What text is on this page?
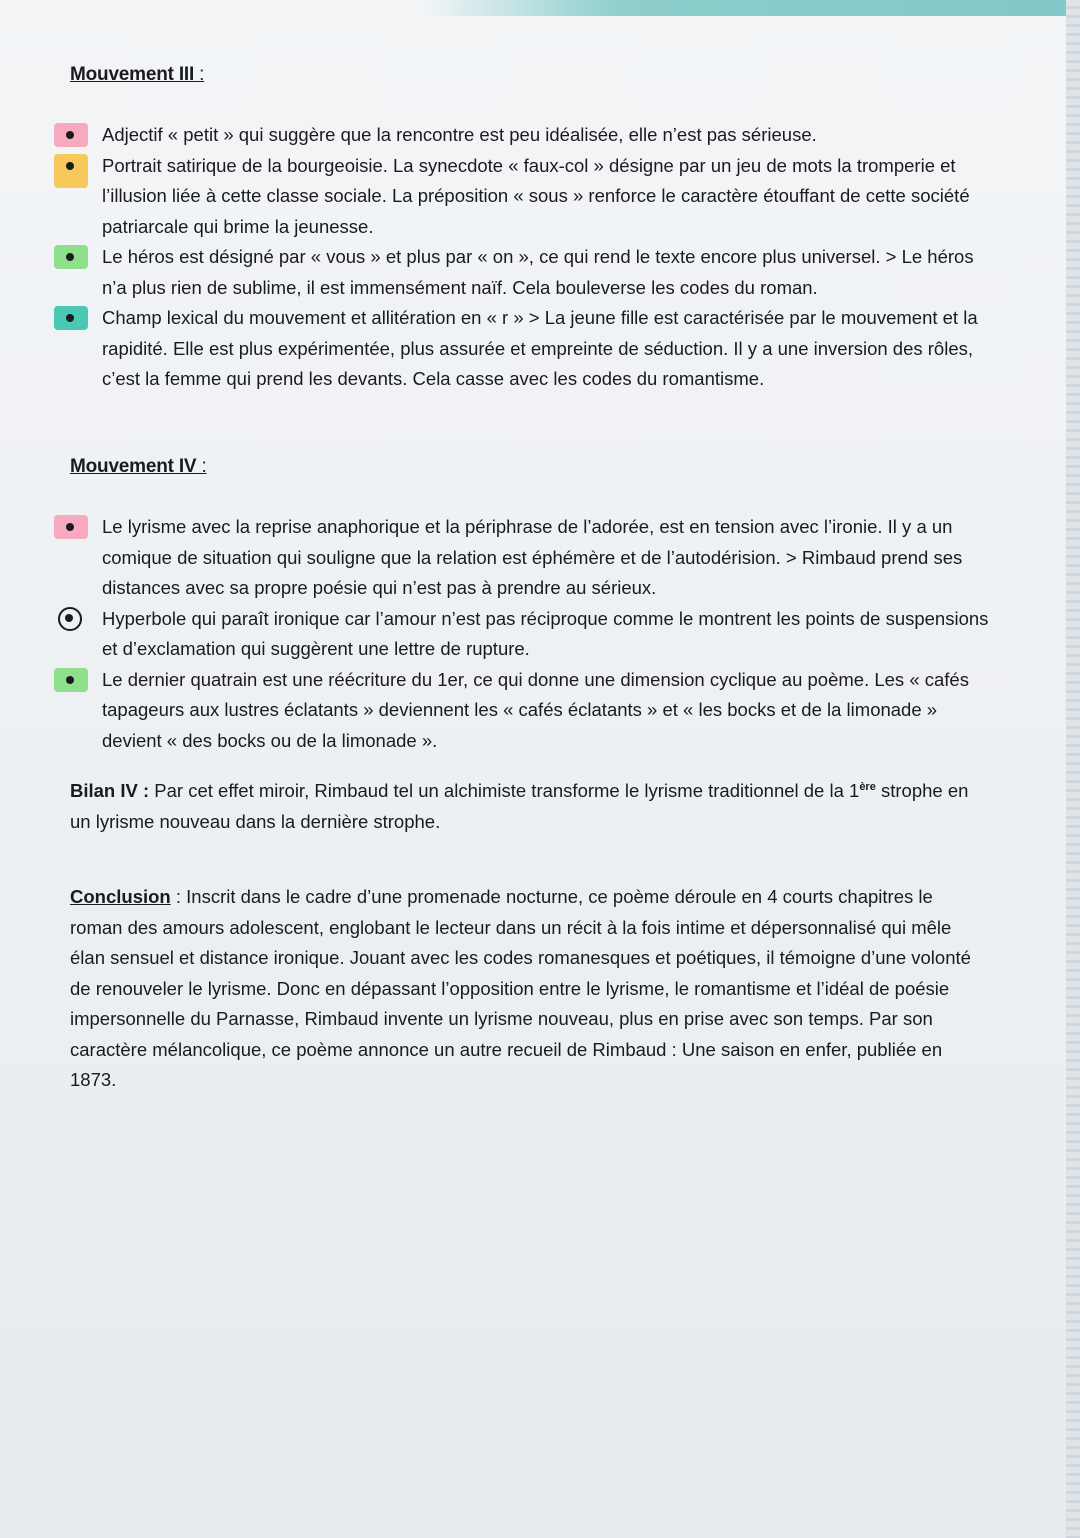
Mouvement III :
Adjectif « petit » qui suggère que la rencontre est peu idéalisée, elle n’est pas sérieuse.
Portrait satirique de la bourgeoisie. La synecdote « faux-col » désigne par un jeu de mots la tromperie et l’illusion liée à cette classe sociale. La préposition « sous » renforce le caractère étouffant de cette société patriarcale qui brime la jeunesse.
Le héros est désigné par « vous » et plus par « on », ce qui rend le texte encore plus universel. > Le héros n’a plus rien de sublime, il est immensément naïf. Cela bouleverse les codes du roman.
Champ lexical du mouvement et allitération en « r » > La jeune fille est caractérisée par le mouvement et la rapidité. Elle est plus expérimentée, plus assurée et empreinte de séduction. Il y a une inversion des rôles, c’est la femme qui prend les devants. Cela casse avec les codes du romantisme.
Mouvement IV :
Le lyrisme avec la reprise anaphorique et la périphrase de l’adorée, est en tension avec l’ironie. Il y a un comique de situation qui souligne que la relation est éphémère et de l’autodérision. > Rimbaud prend ses distances avec sa propre poésie qui n’est pas à prendre au sérieux.
Hyperbole qui paraît ironique car l’amour n’est pas réciproque comme le montrent les points de suspensions et d’exclamation qui suggèrent une lettre de rupture.
Le dernier quatrain est une réécriture du 1er, ce qui donne une dimension cyclique au poème. Les « cafés tapageurs aux lustres éclatants » deviennent les « cafés éclatants » et « les bocks et de la limonade » devient « des bocks ou de la limonade ».
Bilan IV : Par cet effet miroir, Rimbaud tel un alchimiste transforme le lyrisme traditionnel de la 1ère strophe en un lyrisme nouveau dans la dernière strophe.
Conclusion : Inscrit dans le cadre d’une promenade nocturne, ce poème déroule en 4 courts chapitres le roman des amours adolescent, englobant le lecteur dans un récit à la fois intime et dépersonnalisé qui mêle élan sensuel et distance ironique. Jouant avec les codes romanesques et poétiques, il témoigne d’une volonté de renouveler le lyrisme. Donc en dépassant l’opposition entre le lyrisme, le romantisme et l’idéal de poésie impersonnelle du Parnasse, Rimbaud invente un lyrisme nouveau, plus en prise avec son temps. Par son caractère mélancolique, ce poème annonce un autre recueil de Rimbaud : Une saison en enfer, publiée en 1873.
